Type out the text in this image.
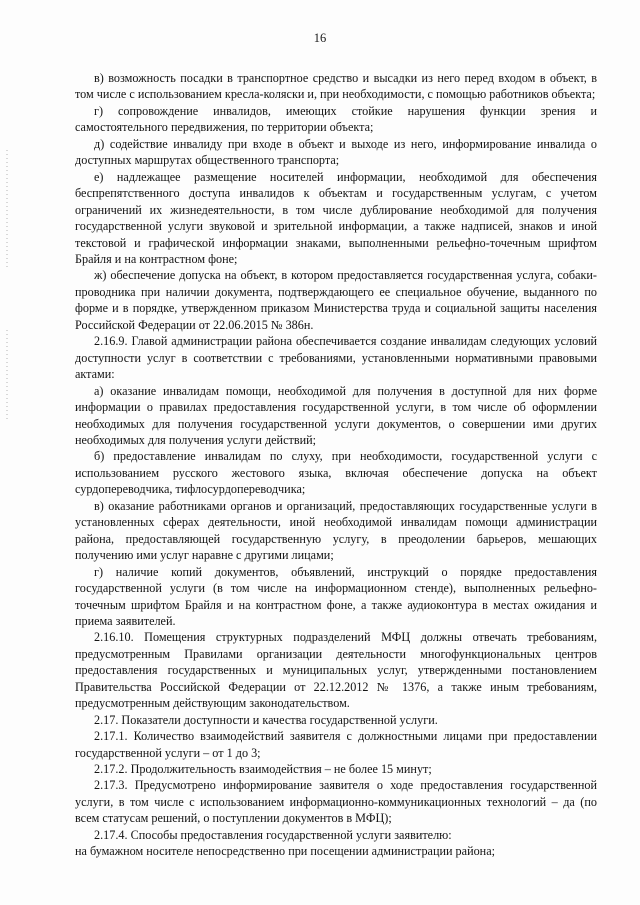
16

в) возможность посадки в транспортное средство и высадки из него перед входом в объект, в том числе с использованием кресла-коляски и, при необходимости, с помощью работников объекта;

г) сопровождение инвалидов, имеющих стойкие нарушения функции зрения и самостоятельного передвижения, по территории объекта;

д) содействие инвалиду при входе в объект и выходе из него, информирование инвалида о доступных маршрутах общественного транспорта;

е) надлежащее размещение носителей информации, необходимой для обеспечения беспрепятственного доступа инвалидов к объектам и государственным услугам, с учетом ограничений их жизнедеятельности, в том числе дублирование необходимой для получения государственной услуги звуковой и зрительной информации, а также надписей, знаков и иной текстовой и графической информации знаками, выполненными рельефно-точечным шрифтом Брайля и на контрастном фоне;

ж) обеспечение допуска на объект, в котором предоставляется государственная услуга, собаки-проводника при наличии документа, подтверждающего ее специальное обучение, выданного по форме и в порядке, утвержденном приказом Министерства труда и социальной защиты населения Российской Федерации от 22.06.2015 № 386н.

2.16.9. Главой администрации района обеспечивается создание инвалидам следующих условий доступности услуг в соответствии с требованиями, установленными нормативными правовыми актами:

а) оказание инвалидам помощи, необходимой для получения в доступной для них форме информации о правилах предоставления государственной услуги, в том числе об оформлении необходимых для получения государственной услуги документов, о совершении ими других необходимых для получения услуги действий;

б) предоставление инвалидам по слуху, при необходимости, государственной услуги с использованием русского жестового языка, включая обеспечение допуска на объект сурдопереводчика, тифлосурдопереводчика;

в) оказание работниками органов и организаций, предоставляющих государственные услуги в установленных сферах деятельности, иной необходимой инвалидам помощи администрации района, предоставляющей государственную услугу, в преодолении барьеров, мешающих получению ими услуг наравне с другими лицами;

г) наличие копий документов, объявлений, инструкций о порядке предоставления государственной услуги (в том числе на информационном стенде), выполненных рельефно-точечным шрифтом Брайля и на контрастном фоне, а также аудиоконтура в местах ожидания и приема заявителей.

2.16.10. Помещения структурных подразделений МФЦ должны отвечать требованиям, предусмотренным Правилами организации деятельности многофункциональных центров предоставления государственных и муниципальных услуг, утвержденными постановлением Правительства Российской Федерации от 22.12.2012 № 1376, а также иным требованиям, предусмотренным действующим законодательством.

2.17. Показатели доступности и качества государственной услуги.

2.17.1. Количество взаимодействий заявителя с должностными лицами при предоставлении государственной услуги – от 1 до 3;

2.17.2. Продолжительность взаимодействия – не более 15 минут;

2.17.3. Предусмотрено информирование заявителя о ходе предоставления государственной услуги, в том числе с использованием информационно-коммуникационных технологий – да (по всем статусам решений, о поступлении документов в МФЦ);

2.17.4. Способы предоставления государственной услуги заявителю:

на бумажном носителе непосредственно при посещении администрации района;
